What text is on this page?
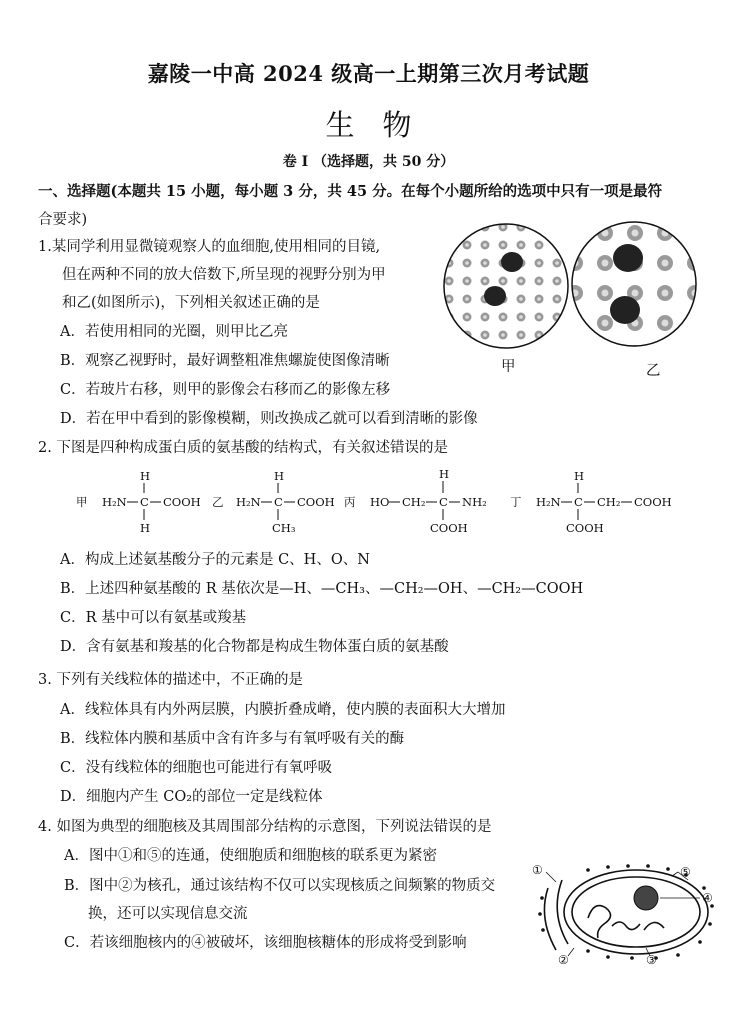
嘉陵一中高 2024 级高一上期第三次月考试题
生物
卷 I （选择题，共 50 分）
一、选择题(本题共 15 小题，每小题 3 分，共 45 分。在每个小题所给的选项中只有一项是最符
合要求)
1.某同学利用显微镜观察人的血细胞,使用相同的目镜,
但在两种不同的放大倍数下,所呈现的视野分别为甲
和乙(如图所示)，下列相关叙述正确的是
A．若使用相同的光圈，则甲比乙亮
B．观察乙视野时，最好调整粗准焦螺旋使图像清晰
C．若玻片右移，则甲的影像会右移而乙的影像左移
D．若在甲中看到的影像模糊，则改换成乙就可以看到清晰的影像
甲	乙
2. 下图是四种构成蛋白质的氨基酸的结构式，有关叙述错误的是
甲 H₂N C COOH
H
H
乙 H₂N C COOH
H
CH₃
丙 HO CH₂ C NH₂
H
COOH
丁 H₂N C CH₂ COOH
H
COOH
A．构成上述氨基酸分子的元素是 C、H、O、N
B．上述四种氨基酸的 R 基依次是—H、—CH₃、—CH₂—OH、—CH₂—COOH
C．R 基中可以有氨基或羧基
D．含有氨基和羧基的化合物都是构成生物体蛋白质的氨基酸
3. 下列有关线粒体的描述中，不正确的是
A．线粒体具有内外两层膜，内膜折叠成嵴，使内膜的表面积大大增加
B．线粒体内膜和基质中含有许多与有氧呼吸有关的酶
C．没有线粒体的细胞也可能进行有氧呼吸
D．细胞内产生 CO₂的部位一定是线粒体
4. 如图为典型的细胞核及其周围部分结构的示意图，下列说法错误的是
A．图中①和⑤的连通，使细胞质和细胞核的联系更为紧密
B．图中②为核孔，通过该结构不仅可以实现核质之间频繁的物质交
换，还可以实现信息交流
C．若该细胞核内的④被破坏，该细胞核糖体的形成将受到影响
①	⑤
④
②	③
